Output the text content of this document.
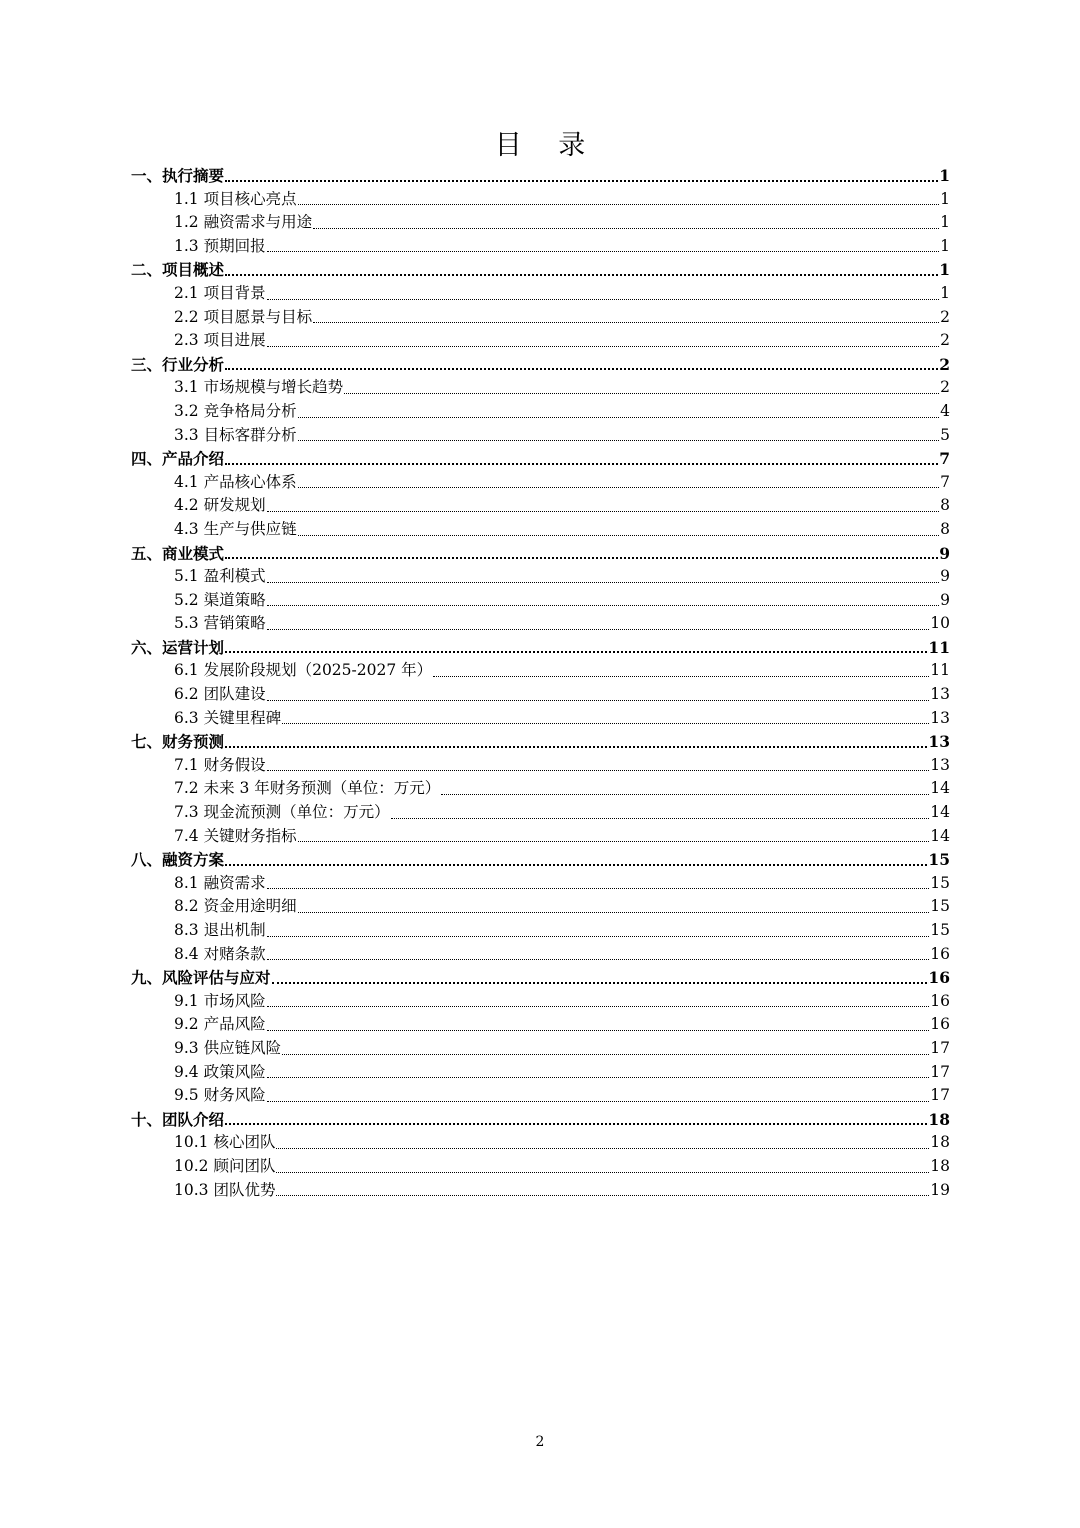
目 录
一、执行摘要	1
1.1 项目核心亮点	1
1.2 融资需求与用途	1
1.3 预期回报	1
二、项目概述	1
2.1 项目背景	1
2.2 项目愿景与目标	2
2.3 项目进展	2
三、行业分析	2
3.1 市场规模与增长趋势	2
3.2 竞争格局分析	4
3.3 目标客群分析	5
四、产品介绍	7
4.1 产品核心体系	7
4.2 研发规划	8
4.3 生产与供应链	8
五、商业模式	9
5.1 盈利模式	9
5.2 渠道策略	9
5.3 营销策略	10
六、运营计划	11
6.1 发展阶段规划（2025-2027 年）	11
6.2 团队建设	13
6.3 关键里程碑	13
七、财务预测	13
7.1 财务假设	13
7.2 未来 3 年财务预测（单位：万元）	14
7.3 现金流预测（单位：万元）	14
7.4 关键财务指标	14
八、融资方案	15
8.1 融资需求	15
8.2 资金用途明细	15
8.3 退出机制	15
8.4 对赌条款	16
九、风险评估与应对	16
9.1 市场风险	16
9.2 产品风险	16
9.3 供应链风险	17
9.4 政策风险	17
9.5 财务风险	17
十、团队介绍	18
10.1 核心团队	18
10.2 顾问团队	18
10.3 团队优势	19
2
